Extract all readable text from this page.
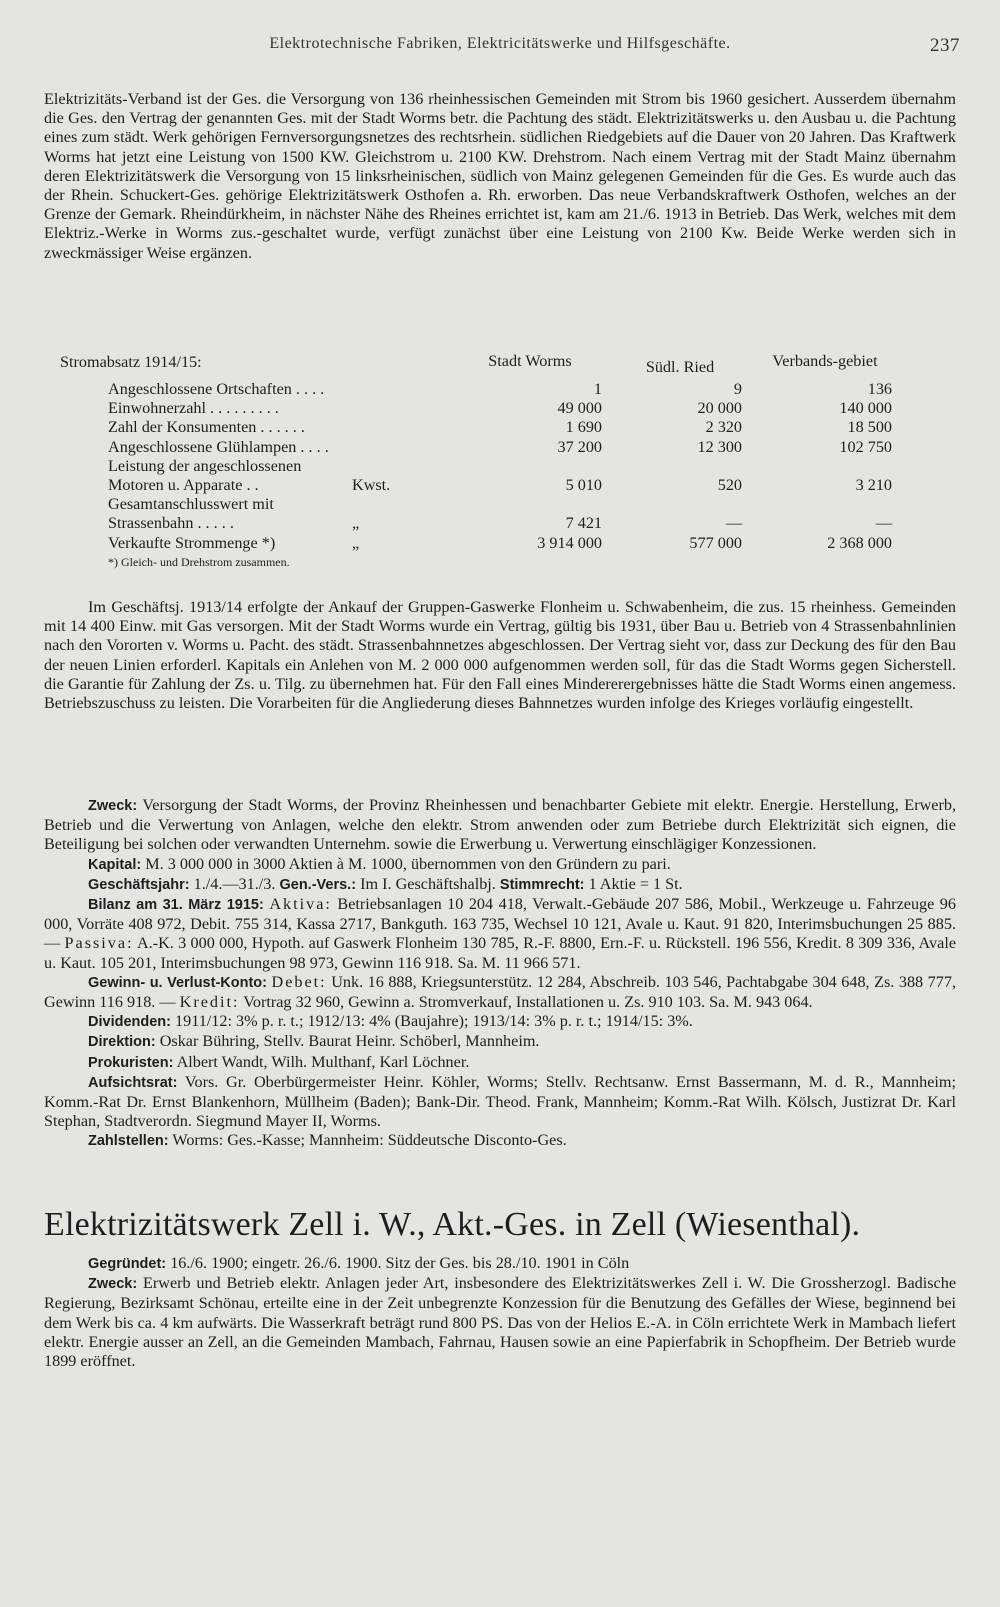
Elektrotechnische Fabriken, Elektricitätswerke und Hilfsgeschäfte.	237

Elektrizitäts-Verband ist der Ges. die Versorgung von 136 rheinhessischen Gemeinden mit Strom bis 1960 gesichert. Ausserdem übernahm die Ges. den Vertrag der genannten Ges. mit der Stadt Worms betr. die Pachtung des städt. Elektrizitätswerks u. den Ausbau u. die Pachtung eines zum städt. Werk gehörigen Fernversorgungsnetzes des rechtsrhein. südlichen Riedgebiets auf die Dauer von 20 Jahren. Das Kraftwerk Worms hat jetzt eine Leistung von 1500 KW. Gleichstrom u. 2100 KW. Drehstrom. Nach einem Vertrag mit der Stadt Mainz übernahm deren Elektrizitätswerk die Versorgung von 15 linksrheinischen, südlich von Mainz gelegenen Gemeinden für die Ges. Es wurde auch das der Rhein. Schuckert-Ges. gehörige Elektrizitätswerk Osthofen a. Rh. erworben. Das neue Verbandskraftwerk Osthofen, welches an der Grenze der Gemark. Rheindürkheim, in nächster Nähe des Rheines errichtet ist, kam am 21./6. 1913 in Betrieb. Das Werk, welches mit dem Elektriz.-Werke in Worms zus.-geschaltet wurde, verfügt zunächst über eine Leistung von 2100 Kw. Beide Werke werden sich in zweckmässiger Weise ergänzen.

Stromabsatz 1914/15:		Stadt Worms	Südl. Ried	Verbands-gebiet

Angeschlossene Ortschaften . . . .		1	9	136
Einwohnerzahl . . . . . . . . .		49 000	20 000	140 000
Zahl der Konsumenten . . . . . .		1 690	2 320	18 500
Angeschlossene Glühlampen . . . .		37 200	12 300	102 750
Leistung der angeschlossenen				
Motoren u. Apparate . .	Kwst.	5 010	520	3 210
Gesamtanschlusswert mit				
Strassenbahn . . . . .	„	7 421	—	—
Verkaufte Strommenge *)	„	3 914 000	577 000	2 368 000
*) Gleich- und Drehstrom zusammen.				

Im Geschäftsj. 1913/14 erfolgte der Ankauf der Gruppen-Gaswerke Flonheim u. Schwabenheim, die zus. 15 rheinhess. Gemeinden mit 14 400 Einw. mit Gas versorgen. Mit der Stadt Worms wurde ein Vertrag, gültig bis 1931, über Bau u. Betrieb von 4 Strassenbahnlinien nach den Vororten v. Worms u. Pacht. des städt. Strassenbahnnetzes abgeschlossen. Der Vertrag sieht vor, dass zur Deckung des für den Bau der neuen Linien erforderl. Kapitals ein Anlehen von M. 2 000 000 aufgenommen werden soll, für das die Stadt Worms gegen Sicherstell. die Garantie für Zahlung der Zs. u. Tilg. zu übernehmen hat. Für den Fall eines Mindererergebnisses hätte die Stadt Worms einen angemess. Betriebszuschuss zu leisten. Die Vorarbeiten für die Angliederung dieses Bahnnetzes wurden infolge des Krieges vorläufig eingestellt.

Zweck: Versorgung der Stadt Worms, der Provinz Rheinhessen und benachbarter Gebiete mit elektr. Energie. Herstellung, Erwerb, Betrieb und die Verwertung von Anlagen, welche den elektr. Strom anwenden oder zum Betriebe durch Elektrizität sich eignen, die Beteiligung bei solchen oder verwandten Unternehm. sowie die Erwerbung u. Verwertung einschlägiger Konzessionen.

Kapital: M. 3 000 000 in 3000 Aktien à M. 1000, übernommen von den Gründern zu pari.

Geschäftsjahr: 1./4.—31./3. Gen.-Vers.: Im I. Geschäftshalbj. Stimmrecht: 1 Aktie = 1 St.

Bilanz am 31. März 1915: Aktiva: Betriebsanlagen 10 204 418, Verwalt.-Gebäude 207 586, Mobil., Werkzeuge u. Fahrzeuge 96 000, Vorräte 408 972, Debit. 755 314, Kassa 2717, Bankguth. 163 735, Wechsel 10 121, Avale u. Kaut. 91 820, Interimsbuchungen 25 885. — Passiva: A.-K. 3 000 000, Hypoth. auf Gaswerk Flonheim 130 785, R.-F. 8800, Ern.-F. u. Rückstell. 196 556, Kredit. 8 309 336, Avale u. Kaut. 105 201, Interimsbuchungen 98 973, Gewinn 116 918. Sa. M. 11 966 571.

Gewinn- u. Verlust-Konto: Debet: Unk. 16 888, Kriegsunterstütz. 12 284, Abschreib. 103 546, Pachtabgabe 304 648, Zs. 388 777, Gewinn 116 918. — Kredit: Vortrag 32 960, Gewinn a. Stromverkauf, Installationen u. Zs. 910 103. Sa. M. 943 064.

Dividenden: 1911/12: 3% p. r. t.; 1912/13: 4% (Baujahre); 1913/14: 3% p. r. t.; 1914/15: 3%.

Direktion: Oskar Bühring, Stellv. Baurat Heinr. Schöberl, Mannheim.

Prokuristen: Albert Wandt, Wilh. Multhanf, Karl Löchner.

Aufsichtsrat: Vors. Gr. Oberbürgermeister Heinr. Köhler, Worms; Stellv. Rechtsanw. Ernst Bassermann, M. d. R., Mannheim; Komm.-Rat Dr. Ernst Blankenhorn, Müllheim (Baden); Bank-Dir. Theod. Frank, Mannheim; Komm.-Rat Wilh. Kölsch, Justizrat Dr. Karl Stephan, Stadtverordn. Siegmund Mayer II, Worms.

Zahlstellen: Worms: Ges.-Kasse; Mannheim: Süddeutsche Disconto-Ges.

Elektrizitätswerk Zell i. W., Akt.-Ges. in Zell (Wiesenthal).

Gegründet: 16./6. 1900; eingetr. 26./6. 1900. Sitz der Ges. bis 28./10. 1901 in Cöln

Zweck: Erwerb und Betrieb elektr. Anlagen jeder Art, insbesondere des Elektrizitätswerkes Zell i. W. Die Grossherzogl. Badische Regierung, Bezirksamt Schönau, erteilte eine in der Zeit unbegrenzte Konzession für die Benutzung des Gefälles der Wiese, beginnend bei dem Werk bis ca. 4 km aufwärts. Die Wasserkraft beträgt rund 800 PS. Das von der Helios E.-A. in Cöln errichtete Werk in Mambach liefert elektr. Energie ausser an Zell, an die Gemeinden Mambach, Fahrnau, Hausen sowie an eine Papierfabrik in Schopfheim. Der Betrieb wurde 1899 eröffnet.
